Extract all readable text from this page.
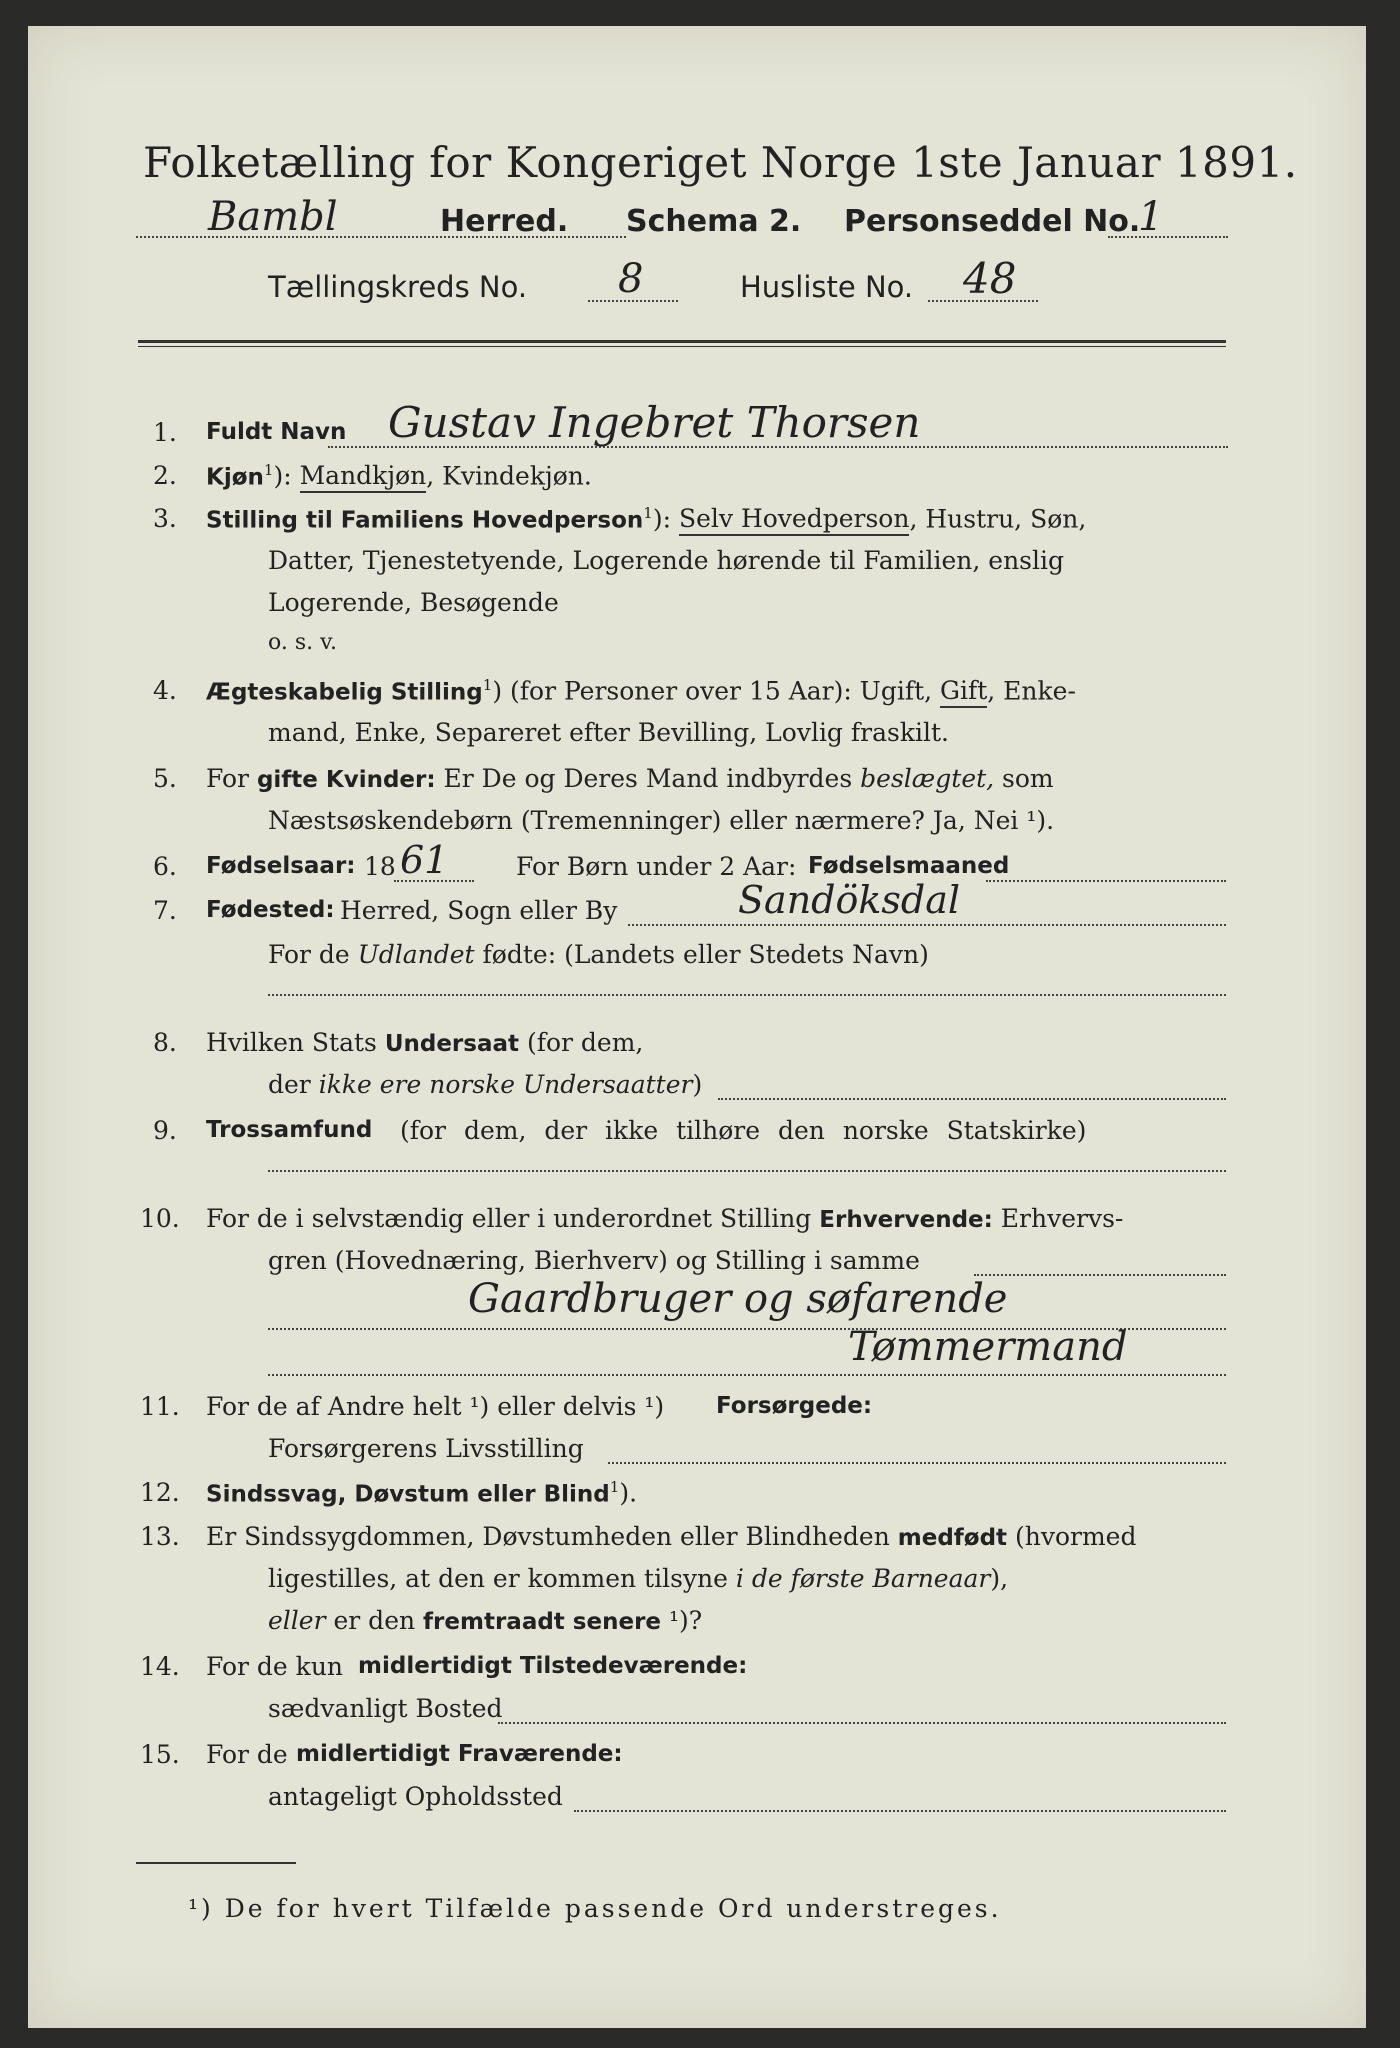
Folketælling for Kongeriget Norge 1ste Januar 1891.
Bambl	Herred. Schema 2. Personseddel No.
1
Tællingskreds No. 8	Husliste No. 48
1. Fuldt Navn Gustav Ingebret Thorsen
2. Kjøn$^1$): Mandkjøn, Kvindekjøn.
3. Stilling til Familiens Hovedperson$^1$): Selv Hovedperson, Hustru, Søn,
Datter, Tjenestetyende, Logerende hørende til Familien, enslig
Logerende, Besøgende
o. s. v.
4. Ægteskabelig Stilling$^1$) (for Personer over 15 Aar): Ugift, Gift, Enke-
mand, Enke, Separeret efter Bevilling, Lovlig fraskilt.
5. For gifte Kvinder: Er De og Deres Mand indbyrdes beslægtet, som
Næstsøskendebørn (Tremenninger) eller nærmere? Ja, Nei ¹).
6. Fødselsaar: 18 61	For Børn under 2 Aar: Fødselsmaaned
7. Fødested: Herred, Sogn eller By	Sandöksdal
For de Udlandet fødte: (Landets eller Stedets Navn)
8. Hvilken Stats Undersaat (for dem,
der ikke ere norske Undersaatter)
9. Trossamfund (for dem, der ikke tilhøre den norske Statskirke)
10. For de i selvstændig eller i underordnet Stilling Erhvervende: Erhvervs-
gren (Hovednæring, Bierhverv) og Stilling i samme
Gaardbruger og søfarende
Tømmermand
11. For de af Andre helt ¹) eller delvis ¹) Forsørgede:
Forsørgerens Livsstilling
12. Sindssvag, Døvstum eller Blind$^1$).
13. Er Sindssygdommen, Døvstumheden eller Blindheden medfødt (hvormed
ligestilles, at den er kommen tilsyne i de første Barneaar),
eller er den fremtraadt senere ¹)?
14. For de kun midlertidigt Tilstedeværende:
sædvanligt Bosted
15. For de midlertidigt Fraværende:
antageligt Opholdssted
¹) De for hvert Tilfælde passende Ord understreges.
